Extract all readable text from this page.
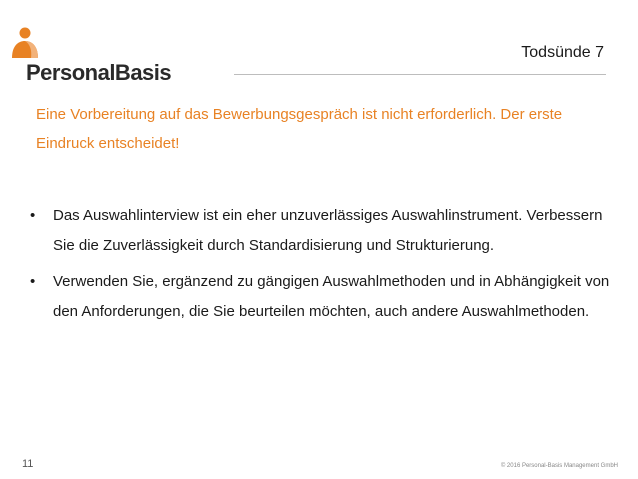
PersonalBasis
Todsünde 7
Eine Vorbereitung auf das Bewerbungsgespräch ist nicht erforderlich. Der erste Eindruck entscheidet!
• Das Auswahlinterview ist ein eher unzuverlässiges Auswahlinstrument. Verbessern Sie die Zuverlässigkeit durch Standardisierung und Strukturierung.
• Verwenden Sie, ergänzend zu gängigen Auswahlmethoden und in Abhängigkeit von den Anforderungen, die Sie beurteilen möchten, auch andere Auswahlmethoden.
11	© 2016 Personal-Basis Management GmbH
